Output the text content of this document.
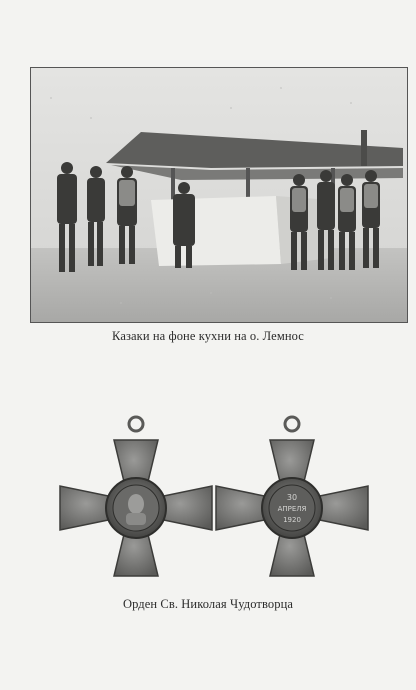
Казаки на фоне кухни на о. Лемнос
30
АПРЕЛЯ
1920
Орден Св. Николая Чудотворца
